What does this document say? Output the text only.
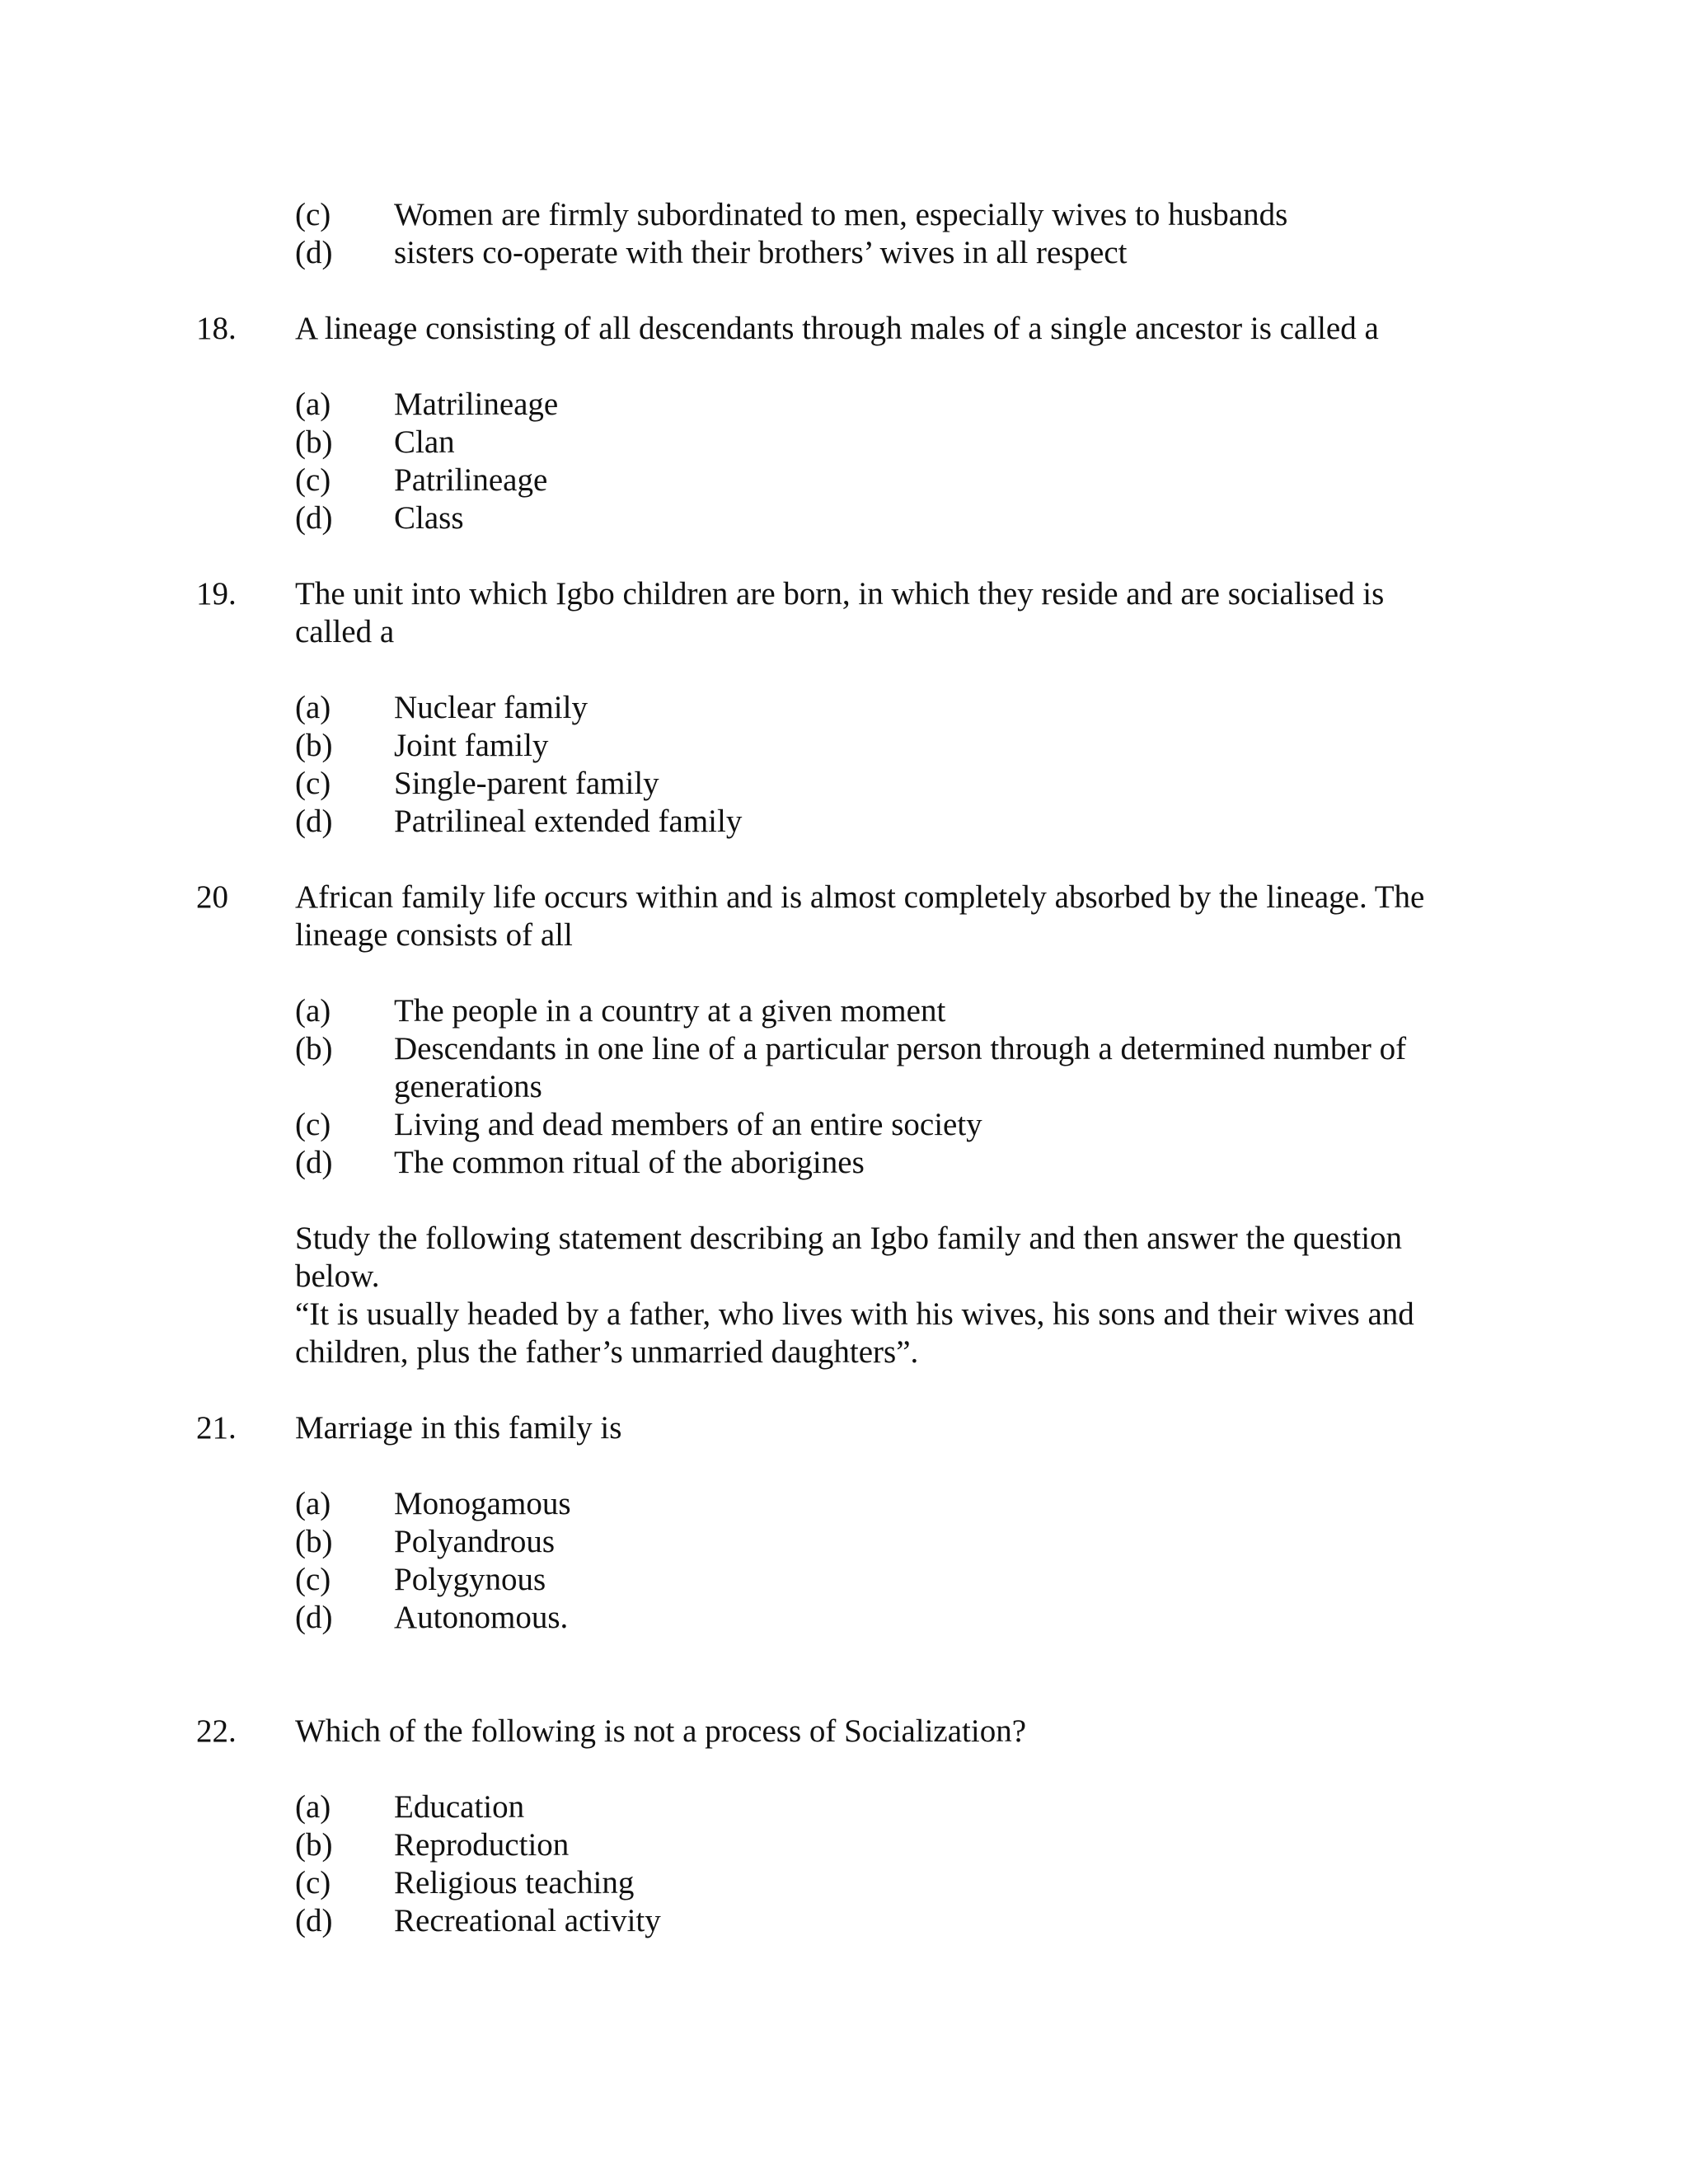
(c) Women are firmly subordinated to men, especially wives to husbands
(d) sisters co-operate with their brothers’ wives in all respect
18. A lineage consisting of all descendants through males of a single ancestor is called a
(a) Matrilineage
(b) Clan
(c) Patrilineage
(d) Class
19. The unit into which Igbo children are born, in which they reside and are socialised is
called a
(a) Nuclear family
(b) Joint family
(c) Single-parent family
(d) Patrilineal extended family
20 African family life occurs within and is almost completely absorbed by the lineage. The
lineage consists of all
(a) The people in a country at a given moment
(b) Descendants in one line of a particular person through a determined number of
generations
(c) Living and dead members of an entire society
(d) The common ritual of the aborigines
Study the following statement describing an Igbo family and then answer the question
below.
“It is usually headed by a father, who lives with his wives, his sons and their wives and
children, plus the father’s unmarried daughters”.
21. Marriage in this family is
(a) Monogamous
(b) Polyandrous
(c) Polygynous
(d) Autonomous.
22. Which of the following is not a process of Socialization?
(a) Education
(b) Reproduction
(c) Religious teaching
(d) Recreational activity
